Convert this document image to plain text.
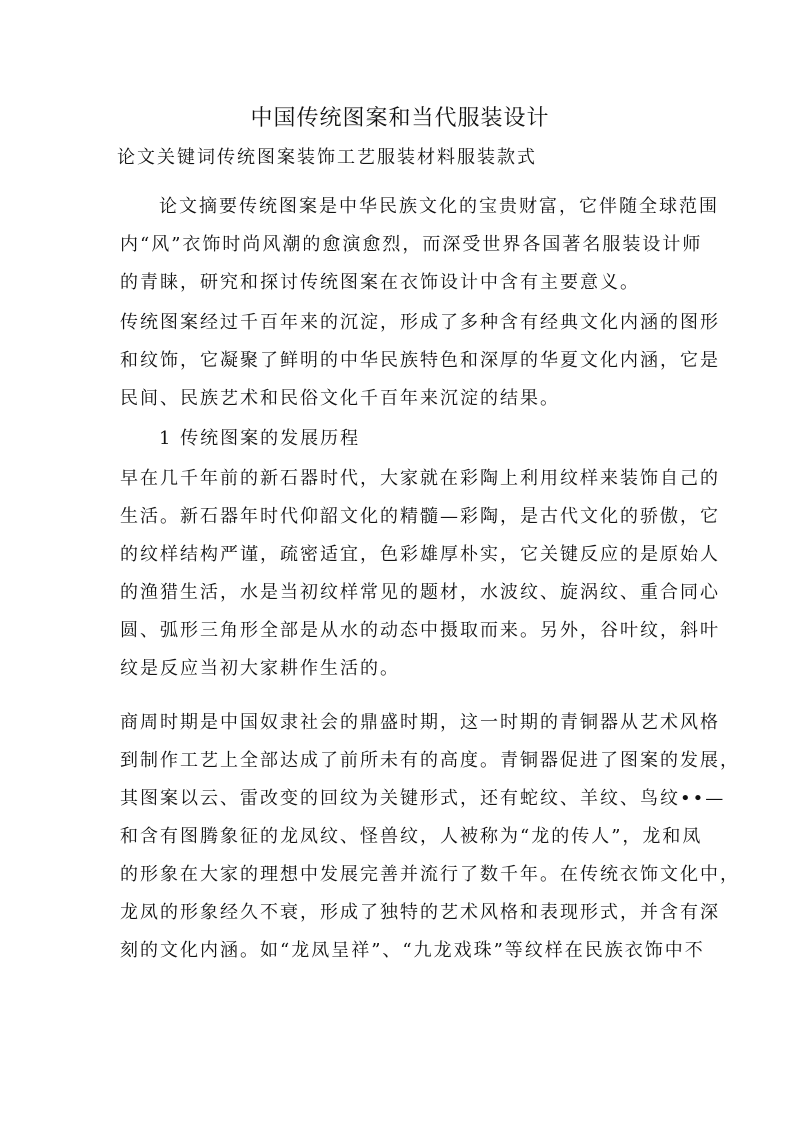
中国传统图案和当代服装设计
论文关键词传统图案装饰工艺服装材料服装款式
论文摘要传统图案是中华民族文化的宝贵财富，它伴随全球范围
内“风”衣饰时尚风潮的愈演愈烈，而深受世界各国著名服装设计师
的青睐，研究和探讨传统图案在衣饰设计中含有主要意义。
传统图案经过千百年来的沉淀，形成了多种含有经典文化内涵的图形
和纹饰，它凝聚了鲜明的中华民族特色和深厚的华夏文化内涵，它是
民间、民族艺术和民俗文化千百年来沉淀的结果。
1 传统图案的发展历程
早在几千年前的新石器时代，大家就在彩陶上利用纹样来装饰自己的
生活。新石器年时代仰韶文化的精髓—彩陶，是古代文化的骄傲，它
的纹样结构严谨，疏密适宜，色彩雄厚朴实，它关键反应的是原始人
的渔猎生活，水是当初纹样常见的题材，水波纹、旋涡纹、重合同心
圆、弧形三角形全部是从水的动态中摄取而来。另外，谷叶纹，斜叶
纹是反应当初大家耕作生活的。
商周时期是中国奴隶社会的鼎盛时期，这一时期的青铜器从艺术风格
到制作工艺上全部达成了前所未有的高度。青铜器促进了图案的发展，
其图案以云、雷改变的回纹为关键形式，还有蛇纹、羊纹、鸟纹••—
和含有图腾象征的龙凤纹、怪兽纹，人被称为“龙的传人”，龙和凤
的形象在大家的理想中发展完善并流行了数千年。在传统衣饰文化中，
龙凤的形象经久不衰，形成了独特的艺术风格和表现形式，并含有深
刻的文化内涵。如“龙凤呈祥”、“九龙戏珠”等纹样在民族衣饰中不
